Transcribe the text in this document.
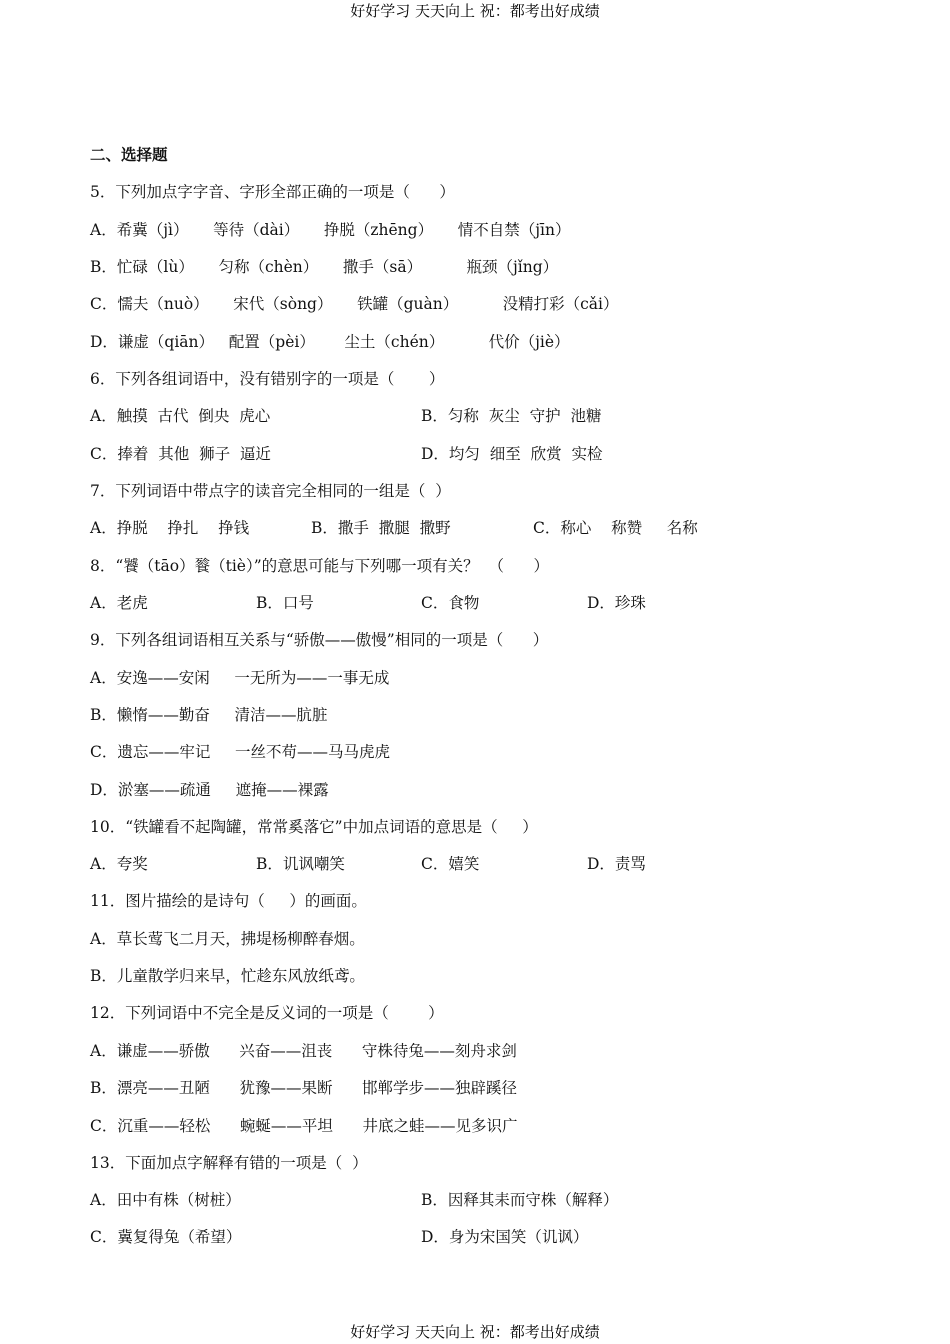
好好学习 天天向上 祝：都考出好成绩
二、选择题
5．下列加点字字音、字形全部正确的一项是（      ）
A．希冀（jì）     等待（dài）     挣脱（zhēng）     情不自禁（jīn）
B．忙碌（lù）     匀称（chèn）     撒手（sā）         瓶颈（jǐng）
C．懦夫（nuò）     宋代（sòng）     铁罐（guàn）         没精打彩（cǎi）
D．谦虚（qiān）   配置（pèi）      尘土（chén）         代价（jiè）
6．下列各组词语中，没有错别字的一项是（       ）
A．触摸  古代  倒央  虎心	B．匀称  灰尘  守护  池糖
C．捧着  其他  狮子  逼近	D．均匀  细至  欣赏  实检
7．下列词语中带点字的读音完全相同的一组是（  ）
A．挣脱    挣扎    挣钱	B．撒手  撒腿  撒野	C．称心    称赞     名称
8．“饕（tāo）餮（tiè）”的意思可能与下列哪一项有关？  （      ）
A．老虎	B．口号	C．食物	D．珍珠
9．下列各组词语相互关系与“骄傲——傲慢”相同的一项是（      ）
A．安逸——安闲     一无所为——一事无成
B．懒惰——勤奋     清洁——肮脏
C．遗忘——牢记     一丝不苟——马马虎虎
D．淤塞——疏通     遮掩——裸露
10．“铁罐看不起陶罐，常常奚落它”中加点词语的意思是（     ）
A．夸奖	B．讥讽嘲笑	C．嬉笑	D．责骂
11．图片描绘的是诗句（     ）的画面。
A．草长莺飞二月天，拂堤杨柳醉春烟。
B．儿童散学归来早，忙趁东风放纸鸢。
12．下列词语中不完全是反义词的一项是（        ）
A．谦虚——骄傲      兴奋——沮丧      守株待兔——刻舟求剑
B．漂亮——丑陋      犹豫——果断      邯郸学步——独辟蹊径
C．沉重——轻松      蜿蜒——平坦      井底之蛙——见多识广
13．下面加点字解释有错的一项是（  ）
A．田中有株（树桩）	B．因释其耒而守株（解释）
C．冀复得兔（希望）	D．身为宋国笑（讥讽）
好好学习 天天向上 祝：都考出好成绩
